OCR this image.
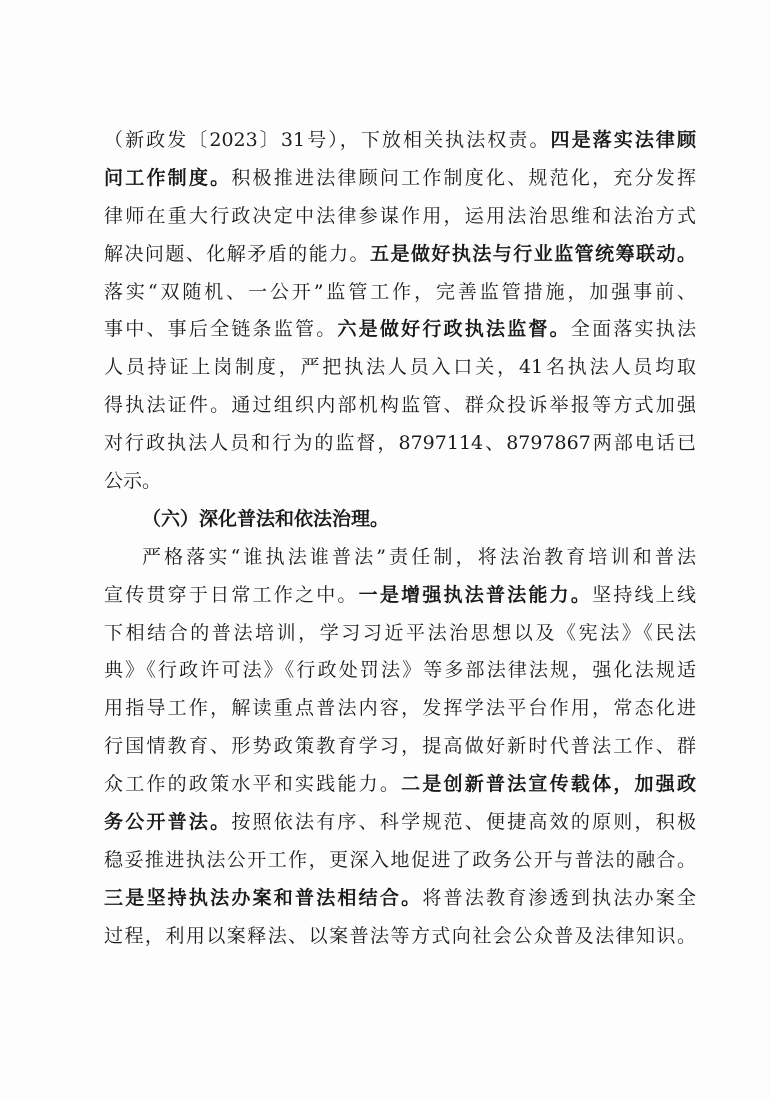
（新政发〔2023〕31号），下放相关执法权责。四是落实法律顾
问工作制度。积极推进法律顾问工作制度化、规范化，充分发挥
律师在重大行政决定中法律参谋作用，运用法治思维和法治方式
解决问题、化解矛盾的能力。五是做好执法与行业监管统筹联动。
落实“双随机、一公开”监管工作，完善监管措施，加强事前、
事中、事后全链条监管。六是做好行政执法监督。全面落实执法
人员持证上岗制度，严把执法人员入口关，41名执法人员均取
得执法证件。通过组织内部机构监管、群众投诉举报等方式加强
对行政执法人员和行为的监督，8797114、8797867两部电话已
公示。
（六）深化普法和依法治理。
严格落实“谁执法谁普法”责任制，将法治教育培训和普法
宣传贯穿于日常工作之中。一是增强执法普法能力。坚持线上线
下相结合的普法培训，学习习近平法治思想以及《宪法》《民法
典》《行政许可法》《行政处罚法》等多部法律法规，强化法规适
用指导工作，解读重点普法内容，发挥学法平台作用，常态化进
行国情教育、形势政策教育学习，提高做好新时代普法工作、群
众工作的政策水平和实践能力。二是创新普法宣传载体，加强政
务公开普法。按照依法有序、科学规范、便捷高效的原则，积极
稳妥推进执法公开工作，更深入地促进了政务公开与普法的融合。
三是坚持执法办案和普法相结合。将普法教育渗透到执法办案全
过程，利用以案释法、以案普法等方式向社会公众普及法律知识。
